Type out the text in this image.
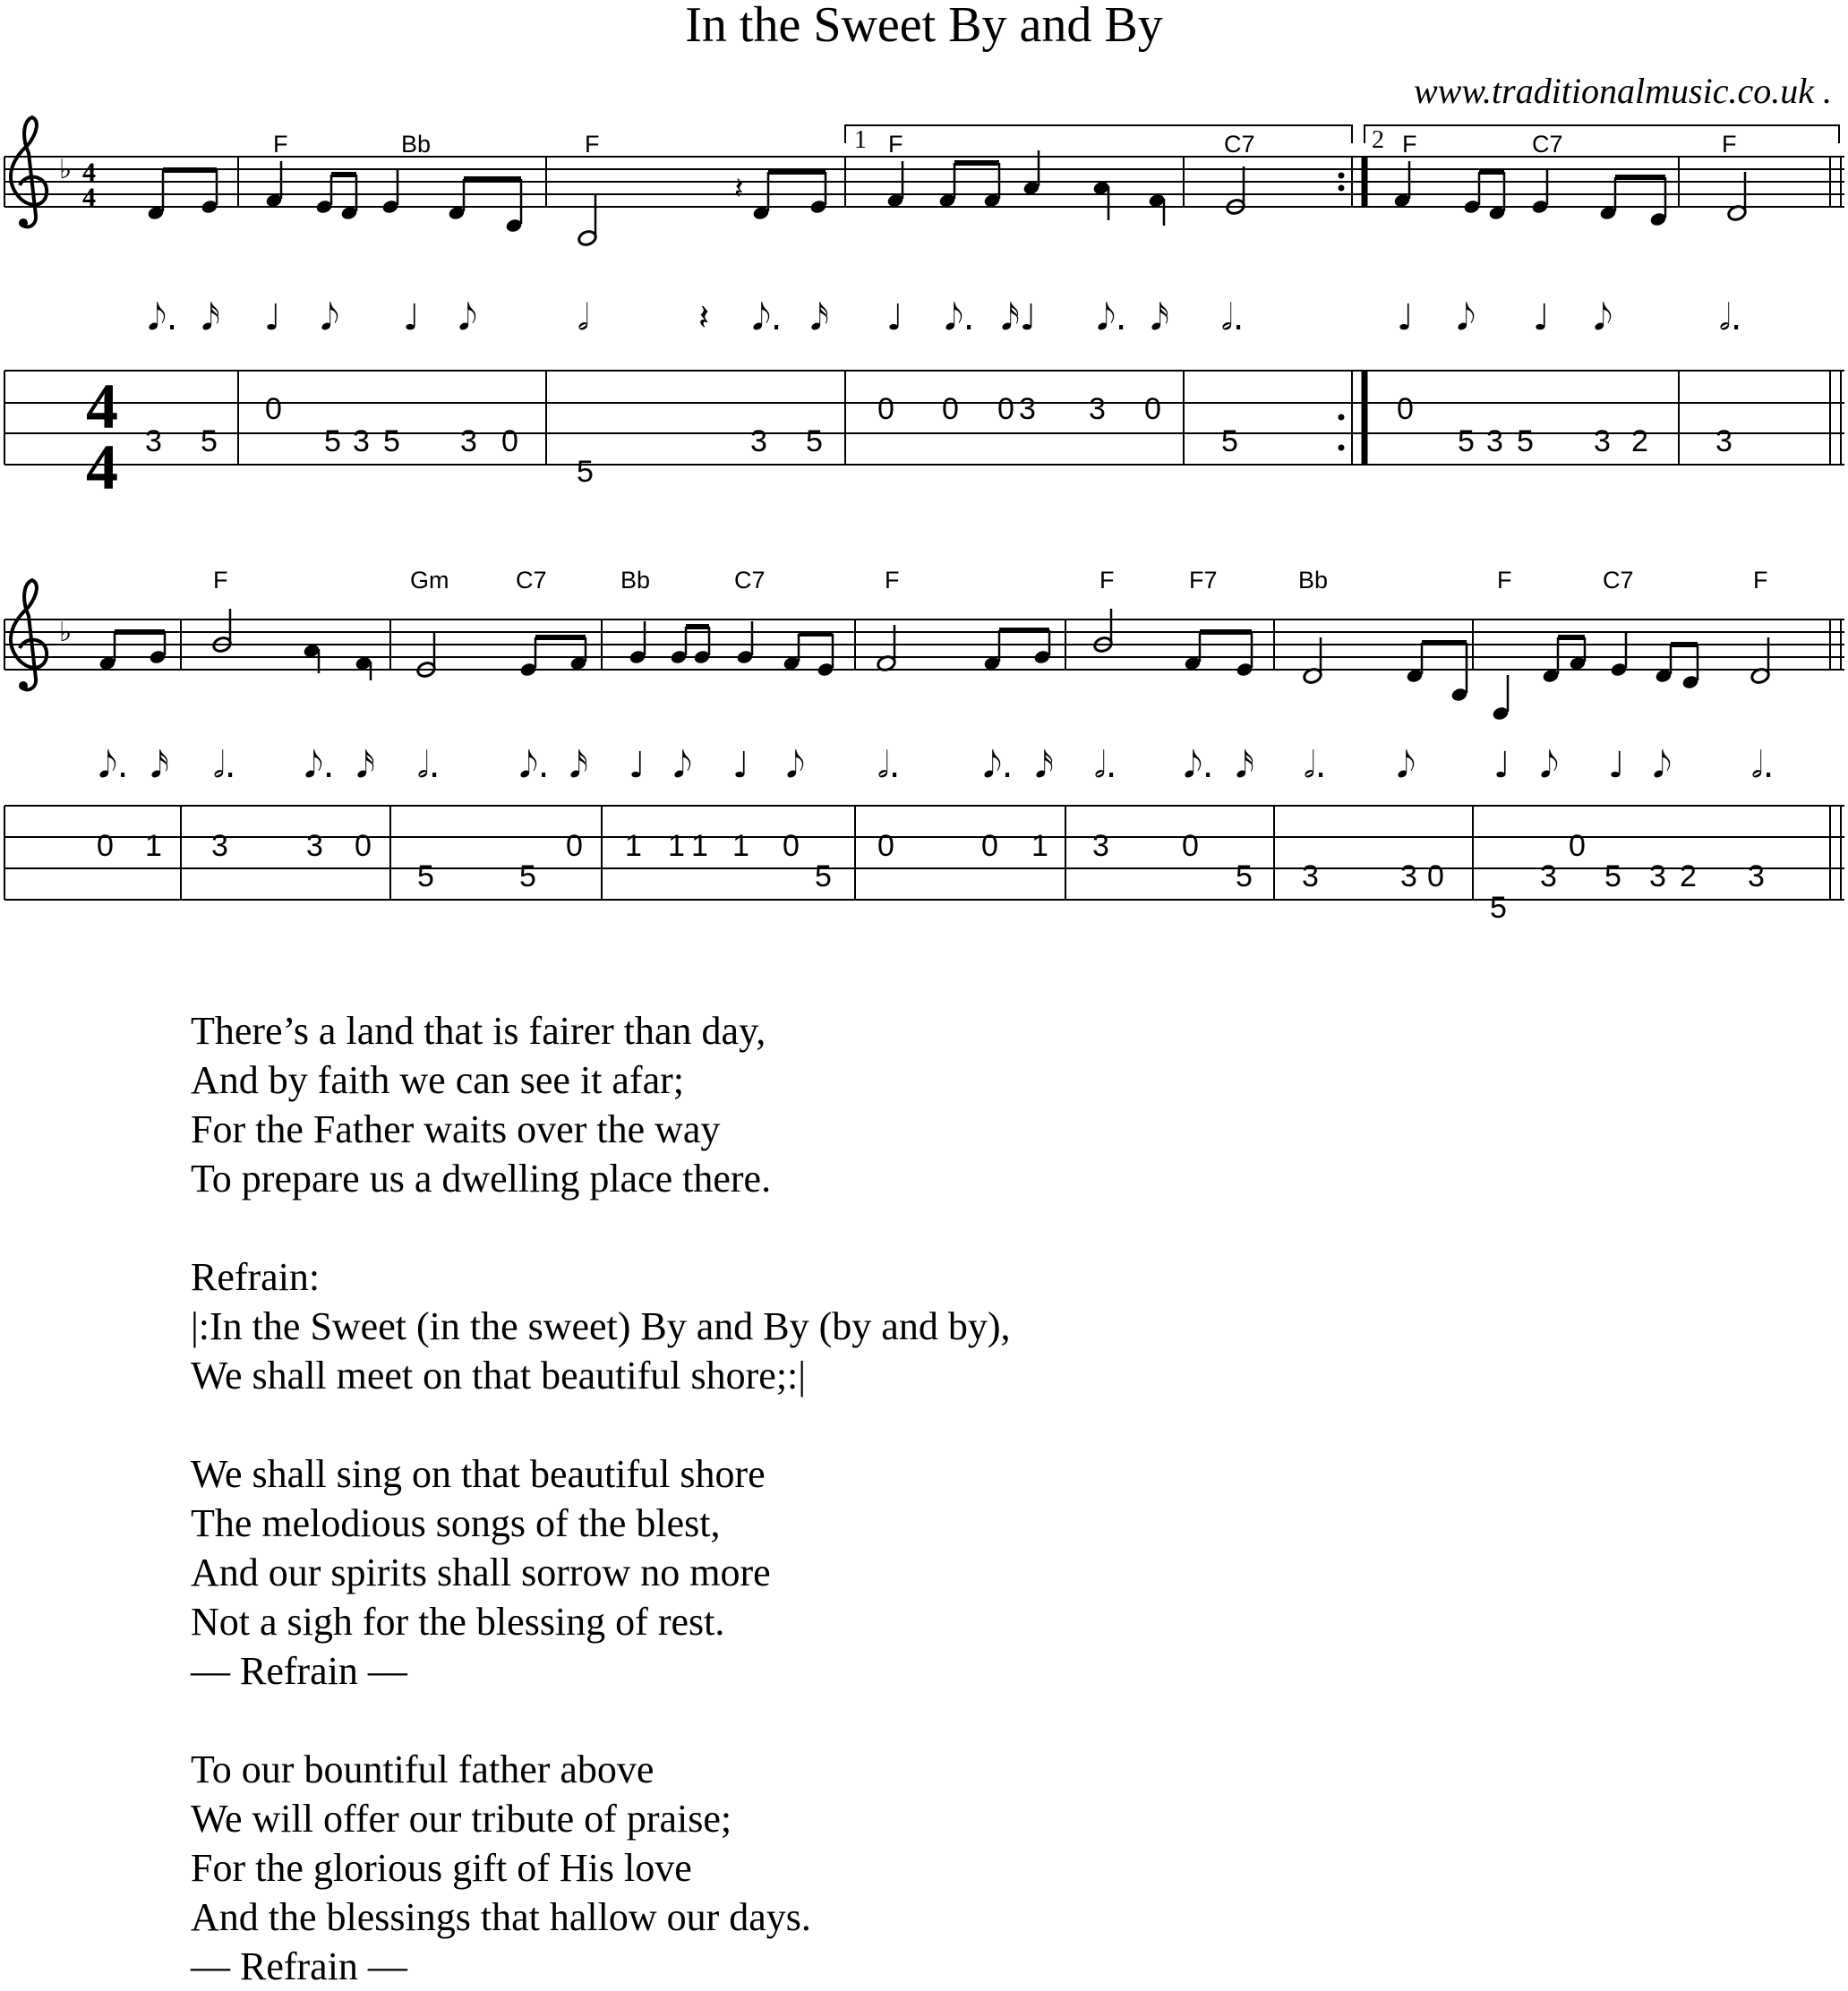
In the Sweet By and By
www.traditionalmusic.co.uk .
♭ 4
4	𝄽
1	2
F	Bb	F	F	C7	F	C7	F
𝅘𝅥𝅮. 𝅘𝅥𝅯 ♩ 𝅘𝅥𝅮 ♩ 𝅘𝅥𝅮	𝅗𝅥	𝄽 𝅘𝅥𝅮. 𝅘𝅥𝅯 ♩ 𝅘𝅥𝅮. 𝅘𝅥𝅯♩ 𝅘𝅥𝅮. 𝅘𝅥𝅯 𝅗𝅥.	♩ 𝅘𝅥𝅮 ♩ 𝅘𝅥𝅮	𝅗𝅥.
4
4 3 5
0
5 3 5 3 0
5
3 5
0 0 0 3 3 0
5
0
5 3 5 3 2 3
♭
F	Gm	C7	Bb	C7	F	F	F7	Bb	F	C7	F
𝅘𝅥𝅮. 𝅘𝅥𝅯 𝅗𝅥. 𝅘𝅥𝅮. 𝅘𝅥𝅯 𝅗𝅥. 𝅘𝅥𝅮. 𝅘𝅥𝅯 ♩ 𝅘𝅥𝅮 ♩ 𝅘𝅥𝅮 𝅗𝅥. 𝅘𝅥𝅮. 𝅘𝅥𝅯 𝅗𝅥. 𝅘𝅥𝅮. 𝅘𝅥𝅯 𝅗𝅥. 𝅘𝅥𝅮 ♩ 𝅘𝅥𝅮 ♩ 𝅘𝅥𝅮 𝅗𝅥.
0 1 3	3 0
5	5
0 1 1 1 1 0
5
0	0 1 3 0
5 3	3 0
5
3
0
5 3 2 3
There’s a land that is fairer than day,
And by faith we can see it afar;
For the Father waits over the way
To prepare us a dwelling place there.
Refrain:
|:In the Sweet (in the sweet) By and By (by and by),
We shall meet on that beautiful shore;:|
We shall sing on that beautiful shore
The melodious songs of the blest,
And our spirits shall sorrow no more
Not a sigh for the blessing of rest.
–– Refrain ––
To our bountiful father above
We will offer our tribute of praise;
For the glorious gift of His love
And the blessings that hallow our days.
–– Refrain ––
